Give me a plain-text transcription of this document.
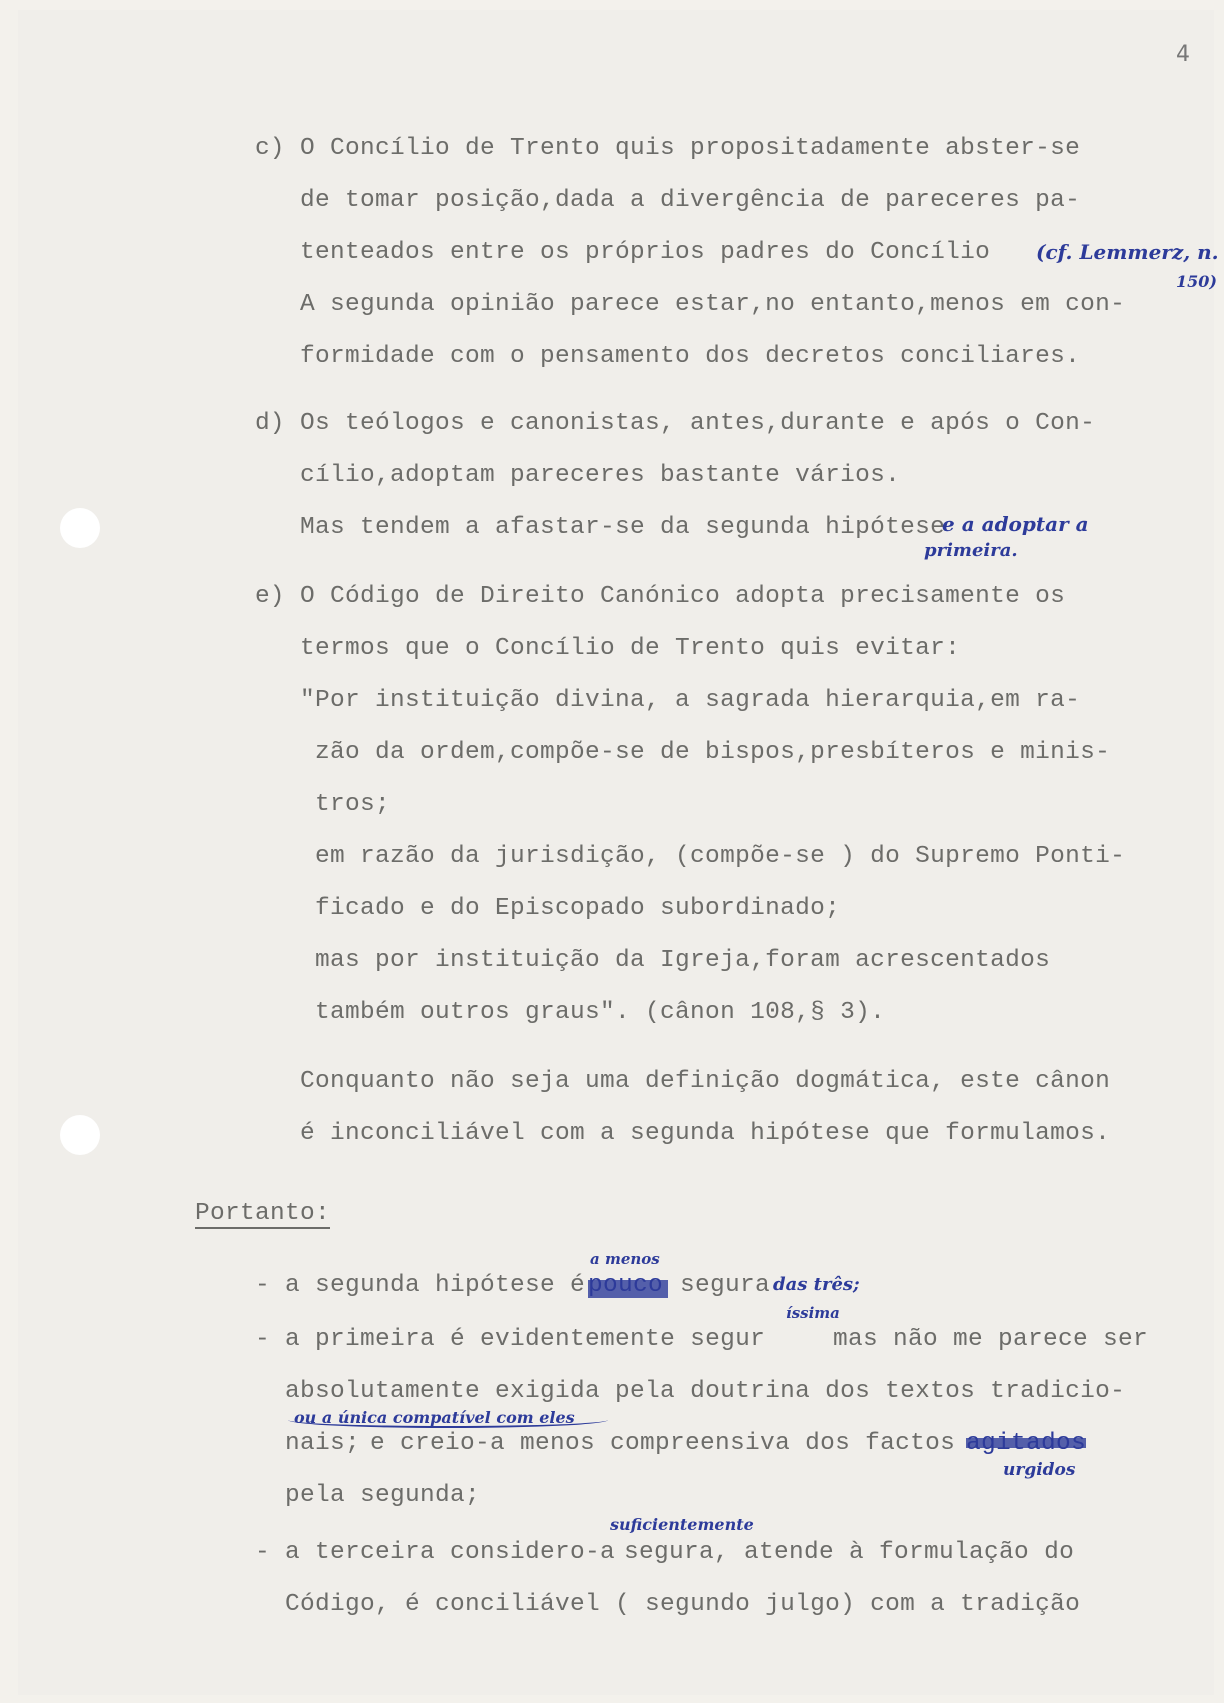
4
c) O Concílio de Trento quis propositadamente abster-se
de tomar posição,dada a divergência de pareceres pa-
tenteados entre os próprios padres do Concílio (cf. Lemmerz, n.
150)
A segunda opinião parece estar,no entanto,menos em con-
formidade com o pensamento dos decretos conciliares.
d) Os teólogos e canonistas, antes,durante e após o Con-
cílio,adoptam pareceres bastante vários.
Mas tendem a afastar-se da segunda hipótese
e a adoptar a
primeira.
e) O Código de Direito Canónico adopta precisamente os
termos que o Concílio de Trento quis evitar:
"Por instituição divina, a sagrada hierarquia,em ra-
zão da ordem,compõe-se de bispos,presbíteros e minis-
tros;
em razão da jurisdição, (compõe-se ) do Supremo Ponti-
ficado e do Episcopado subordinado;
mas por instituição da Igreja,foram acrescentados
também outros graus". (cânon 108,§ 3).
Conquanto não seja uma definição dogmática, este cânon
é inconciliável com a segunda hipótese que formulamos.
Portanto:
- a segunda hipótese é
a menos
segura das três;
- a primeira é evidentemente segur
íssima
mas não me parece ser
absolutamente exigida pela doutrina dos textos tradicio-
ou a única compatível com eles
nais; e creio-a menos compreensiva dos factos
urgidos
pela segunda;
- a terceira considero-a
suficientemente
segura, atende à formulação do
Código, é conciliável ( segundo julgo) com a tradição
